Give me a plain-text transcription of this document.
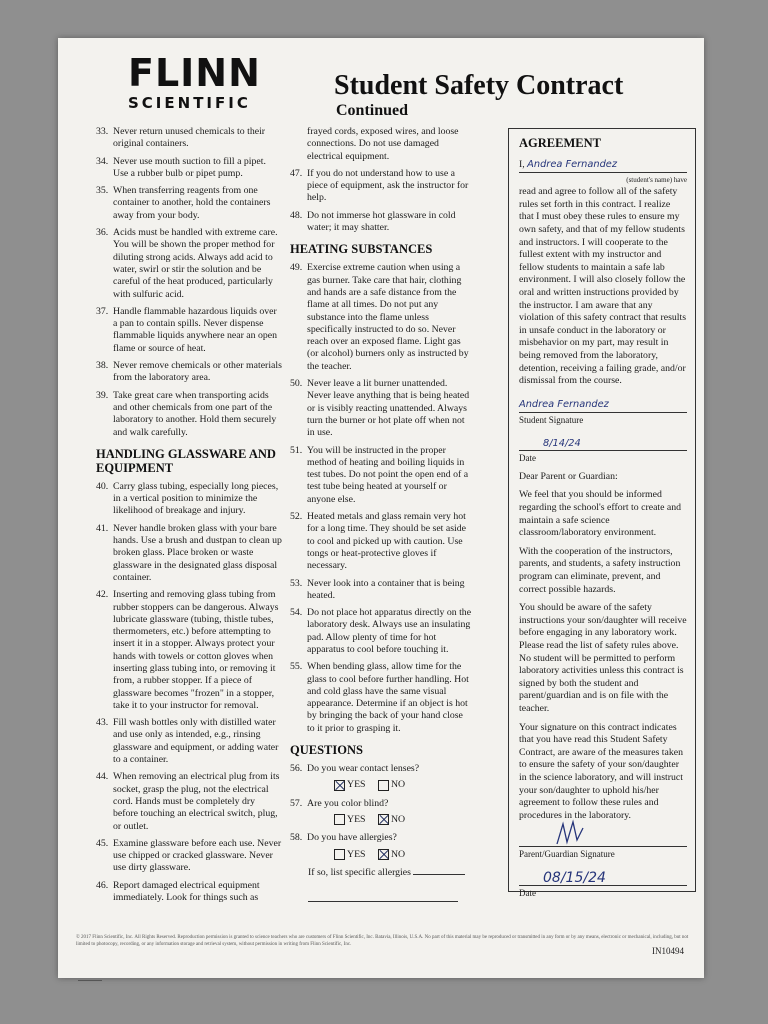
FLINN
SCIENTIFIC
Student Safety Contract
Continued
33. Never return unused chemicals to their original containers.
34. Never use mouth suction to fill a pipet. Use a rubber bulb or pipet pump.
35. When transferring reagents from one container to another, hold the containers away from your body.
36. Acids must be handled with extreme care. You will be shown the proper method for diluting strong acids. Always add acid to water, swirl or stir the solution and be careful of the heat produced, particularly with sulfuric acid.
37. Handle flammable hazardous liquids over a pan to contain spills. Never dispense flammable liquids anywhere near an open flame or source of heat.
38. Never remove chemicals or other materials from the laboratory area.
39. Take great care when transporting acids and other chemicals from one part of the laboratory to another. Hold them securely and walk carefully.
HANDLING GLASSWARE AND EQUIPMENT
40. Carry glass tubing, especially long pieces, in a vertical position to minimize the likelihood of breakage and injury.
41. Never handle broken glass with your bare hands. Use a brush and dustpan to clean up broken glass. Place broken or waste glassware in the designated glass disposal container.
42. Inserting and removing glass tubing from rubber stoppers can be dangerous. Always lubricate glassware (tubing, thistle tubes, thermometers, etc.) before attempting to insert it in a stopper. Always protect your hands with towels or cotton gloves when inserting glass tubing into, or removing it from, a rubber stopper. If a piece of glassware becomes "frozen" in a stopper, take it to your instructor for removal.
43. Fill wash bottles only with distilled water and use only as intended, e.g., rinsing glassware and equipment, or adding water to a container.
44. When removing an electrical plug from its socket, grasp the plug, not the electrical cord. Hands must be completely dry before touching an electrical switch, plug, or outlet.
45. Examine glassware before each use. Never use chipped or cracked glassware. Never use dirty glassware.
46. Report damaged electrical equipment immediately. Look for things such as
frayed cords, exposed wires, and loose connections. Do not use damaged electrical equipment.
47. If you do not understand how to use a piece of equipment, ask the instructor for help.
48. Do not immerse hot glassware in cold water; it may shatter.
HEATING SUBSTANCES
49. Exercise extreme caution when using a gas burner. Take care that hair, clothing and hands are a safe distance from the flame at all times. Do not put any substance into the flame unless specifically instructed to do so. Never reach over an exposed flame. Light gas (or alcohol) burners only as instructed by the teacher.
50. Never leave a lit burner unattended. Never leave anything that is being heated or is visibly reacting unattended. Always turn the burner or hot plate off when not in use.
51. You will be instructed in the proper method of heating and boiling liquids in test tubes. Do not point the open end of a test tube being heated at yourself or anyone else.
52. Heated metals and glass remain very hot for a long time. They should be set aside to cool and picked up with caution. Use tongs or heat-protective gloves if necessary.
53. Never look into a container that is being heated.
54. Do not place hot apparatus directly on the laboratory desk. Always use an insulating pad. Allow plenty of time for hot apparatus to cool before touching it.
55. When bending glass, allow time for the glass to cool before further handling. Hot and cold glass have the same visual appearance. Determine if an object is hot by bringing the back of your hand close to it prior to grasping it.
QUESTIONS
56. Do you wear contact lenses?
YES	NO
57. Are you color blind?
YES	NO
58. Do you have allergies?
YES	NO
If so, list specific allergies
AGREEMENT
I,
Andrea Fernandez
(student's name) have
read and agree to follow all of the safety rules set forth in this contract. I realize that I must obey these rules to ensure my own safety, and that of my fellow students and instructors. I will cooperate to the fullest extent with my instructor and fellow students to maintain a safe lab environment. I will also closely follow the oral and written instructions provided by the instructor. I am aware that any violation of this safety contract that results in unsafe conduct in the laboratory or misbehavior on my part, may result in being removed from the laboratory, detention, receiving a failing grade, and/or dismissal from the course.
Andrea Fernandez
Student Signature
8/14/24
Date
Dear Parent or Guardian:
We feel that you should be informed regarding the school's effort to create and maintain a safe science classroom/laboratory environment.
With the cooperation of the instructors, parents, and students, a safety instruction program can eliminate, prevent, and correct possible hazards.
You should be aware of the safety instructions your son/daughter will receive before engaging in any laboratory work. Please read the list of safety rules above. No student will be permitted to perform laboratory activities unless this contract is signed by both the student and parent/guardian and is on file with the teacher.
Your signature on this contract indicates that you have read this Student Safety Contract, are aware of the measures taken to ensure the safety of your son/daughter in the science laboratory, and will instruct your son/daughter to uphold his/her agreement to follow these rules and procedures in the laboratory.
Parent/Guardian Signature
08/15/24
Date
© 2017 Flinn Scientific, Inc. All Rights Reserved. Reproduction permission is granted to science teachers who are customers of Flinn Scientific, Inc. Batavia, Illinois, U.S.A. No part of this material may be reproduced or transmitted in any form or by any means, electronic or mechanical, including, but not limited to photocopy, recording, or any information storage and retrieval system, without permission in writing from Flinn Scientific, Inc.
IN10494
